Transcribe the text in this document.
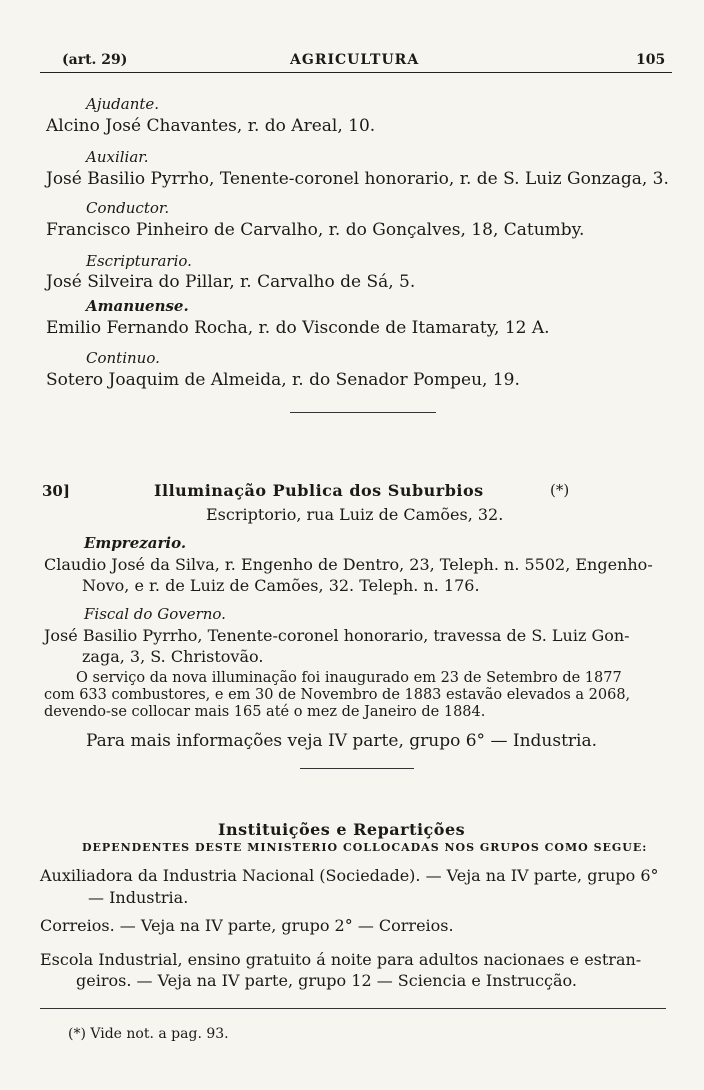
(art. 29)	AGRICULTURA	105
Ajudante.
Alcino José Chavantes, r. do Areal, 10.
Auxiliar.
José Basilio Pyrrho, Tenente-coronel honorario, r. de S. Luiz Gonzaga, 3.
Conductor.
Francisco Pinheiro de Carvalho, r. do Gonçalves, 18, Catumby.
Escripturario.
José Silveira do Pillar, r. Carvalho de Sá, 5.
Amanuense.
Emilio Fernando Rocha, r. do Visconde de Itamaraty, 12 A.
Continuo.
Sotero Joaquim de Almeida, r. do Senador Pompeu, 19.
30]	Illuminação Publica dos Suburbios	(*)
Escriptorio, rua Luiz de Camões, 32.
Emprezario.
Claudio José da Silva, r. Engenho de Dentro, 23, Teleph. n. 5502, Engenho-
Novo, e r. de Luiz de Camões, 32. Teleph. n. 176.
Fiscal do Governo.
José Basilio Pyrrho, Tenente-coronel honorario, travessa de S. Luiz Gon-
zaga, 3, S. Christovão.
O serviço da nova illuminação foi inaugurado em 23 de Setembro de 1877
com 633 combustores, e em 30 de Novembro de 1883 estavão elevados a 2068,
devendo-se collocar mais 165 até o mez de Janeiro de 1884.
Para mais informações veja IV parte, grupo 6° — Industria.
Instituições e Repartições
DEPENDENTES DESTE MINISTERIO COLLOCADAS NOS GRUPOS COMO SEGUE:
Auxiliadora da Industria Nacional (Sociedade). — Veja na IV parte, grupo 6°
— Industria.
Correios. — Veja na IV parte, grupo 2° — Correios.
Escola Industrial, ensino gratuito á noite para adultos nacionaes e estran-
geiros. — Veja na IV parte, grupo 12 — Sciencia e Instrucção.
(*) Vide not. a pag. 93.
